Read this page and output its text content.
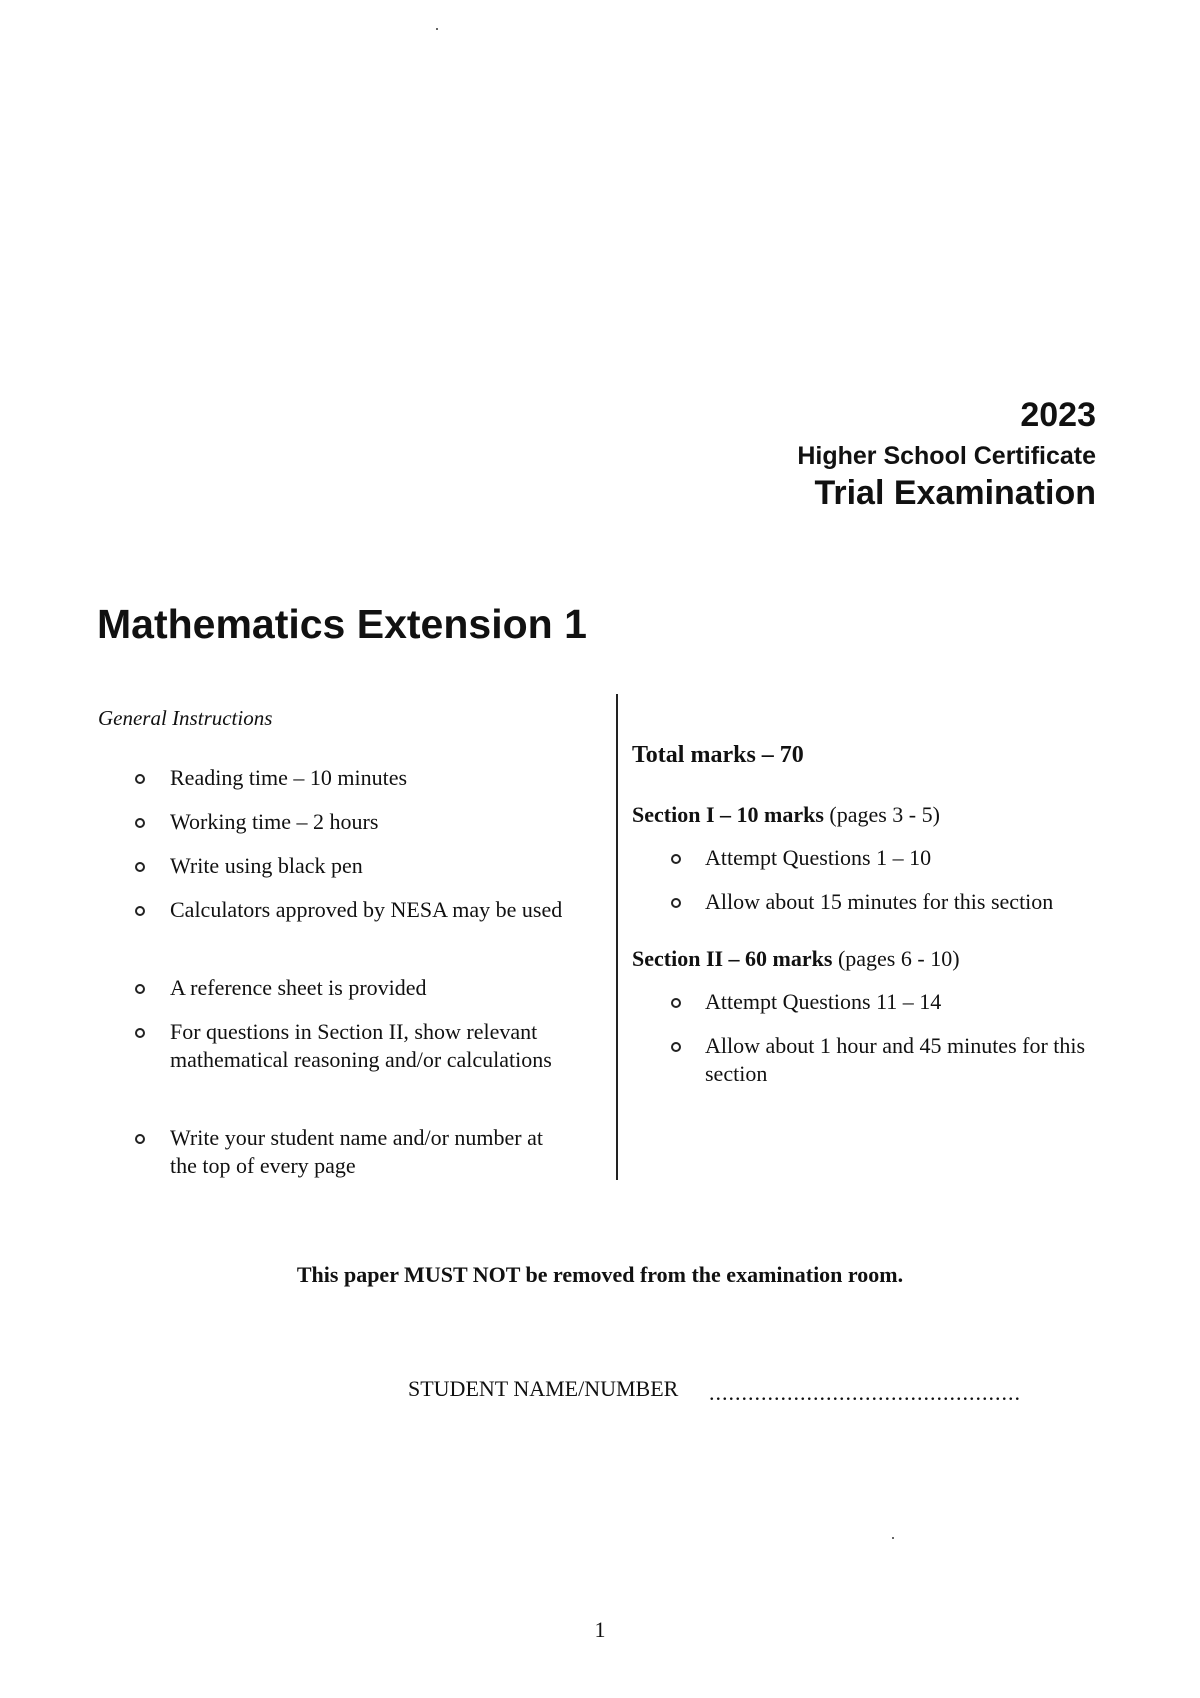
2023
Higher School Certificate
Trial Examination
Mathematics Extension 1
General Instructions
Reading time – 10 minutes
Working time – 2 hours
Write using black pen
Calculators approved by NESA may be used
A reference sheet is provided
For questions in Section II, show relevant mathematical reasoning and/or calculations
Write your student name and/or number at the top of every page
Total marks – 70
Section I – 10 marks (pages 3 - 5)
Attempt Questions 1 – 10
Allow about 15 minutes for this section
Section II – 60 marks (pages 6 - 10)
Attempt Questions 11 – 14
Allow about 1 hour and 45 minutes for this section
This paper MUST NOT be removed from the examination room.
STUDENT NAME/NUMBER ................................................
1
